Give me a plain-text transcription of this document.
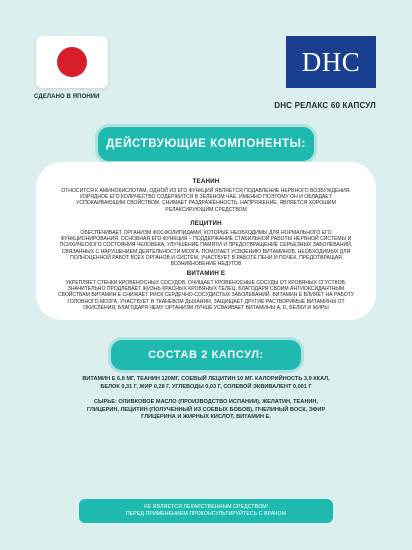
СДЕЛАНО В ЯПОНИИ
DHC
DHC РЕЛАКС 60 КАПСУЛ
ДЕЙСТВУЮЩИЕ КОМПОНЕНТЫ:
ТЕАНИН
ОТНОСИТСЯ К АМИНОКИСЛОТАМ, ОДНОЙ ИЗ ЕГО ФУНКЦИЙ ЯВЛЯЕТСЯ ПОДАВЛЕНИЕ НЕРВНОГО ВОЗБУЖДЕНИЯ. ИЗРЯДНОЕ ЕГО КОЛИЧЕСТВО СОДЕРЖИТСЯ В ЗЕЛЕНОМ ЧАЕ. ИМЕННО ПОЭТОМУ ОН И ОБЛАДАЕТ УСПОКАИВАЮЩИМ СВОЙСТВОМ, СНИМАЕТ РАЗДРАЖЁННОСТЬ, НАПРЯЖЕНИЕ, ЯВЛЯЕТСЯ ХОРОШИМ РЕЛАКСИРУЮЩИМ СРЕДСТВОМ
ЛЕЦИТИН
ОБЕСПЕЧИВАЕТ ОРГАНИЗМ ФОСФОЛИПИДАМИ, КОТОРЫЕ НЕОБХОДИМЫ ДЛЯ НОРМАЛЬНОГО ЕГО ФУНКЦИОНИРОВАНИЯ. ОСНОВНАЯ ЕГО ФУНКЦИЯ – ПОДДЕРЖАНИЕ СТАБИЛЬНОЙ РАБОТЫ НЕРВНОЙ СИСТЕМЫ И ПСИХИЧЕСКОГО СОСТОЯНИЯ ЧЕЛОВЕКА, УЛУЧШЕНИЕ ПАМЯТИ И ПРЕДОТВРАЩЕНИЕ СЕРЬЕЗНЫХ ЗАБОЛЕВАНИЙ, СВЯЗАННЫХ С НАРУШЕНИЕМ ДЕЯТЕЛЬНОСТИ МОЗГА. ПОМОГАЕТ УСВОЕНИЮ ВИТАМИНОВ, НЕОБХОДИМЫХ ДЛЯ ПОЛНОЦЕННОЙ РАБОТ ВСЕХ ОРГАНОВ И СИСТЕМ, УЧАСТВУЕТ В РАБОТЕ ПЕНИ И ПОЧЕК, ПРЕДОТВРАЩАЯ ВОЗНИКНОВЕНИЕ НЕДУГОВ
ВИТАМИН E
УКРЕПЛЯЕТ СТЕНКИ КРОВЕНОСНЫХ СОСУДОВ, ОЧИЩАЕТ КРОВЕНОСНЫЕ СОСУДЫ ОТ КРОВЯНЫХ СГУСТКОВ, ЗНАЧИТЕЛЬНО ПРОДЛЕВАЕТ ЖИЗНЬ КРАСНЫХ КРОВЯНЫХ ТЕЛЕЦ. БЛАГОДАРЯ СВОИМ АНТИОКСИДАНТНЫМ СВОЙСТВАМ ВИТАМИН E СНИЖАЕТ РИСК СЕРДЕЧНО-СОСУДИСТЫХ ЗАБОЛЕВАНИЙ. ВИТАМИН E ВЛИЯЕТ НА РАБОТУ ГОЛОВНОГО МОЗГА, УЧАСТВУЕТ В ТКАНЕВОМ ДЫХАНИИ, ЗАЩИЩАЕТ ДРУГИЕ РАСТВОРИМЫЕ ВИТАМИНЫ ОТ ОКИСЛЕНИЯ, БЛАГОДАРЯ ЧЕМУ ОРГАНИЗМ ЛУЧШЕ УСВАИВАЕТ ВИТАМИНЫ A, D, БЕЛКИ И ЖИРЫ
СОСТАВ 2 КАПСУЛ:
ВИТАМИН E 6,8 МГ, ТЕАНИН 120МГ, СОЕВЫЙ ЛЕЦИТИН 10 МГ. КАЛОРИЙНОСТЬ 3,9 ККАЛ,
БЕЛОК 0,31 Г, ЖИР 0,28 Г, УГЛЕВОДЫ 0,03 Г, СОЛЕВОЙ ЭКВИВАЛЕНТ 0,001 Г
СЫРЬЕ: ОЛИВКОВОЕ МАСЛО (ПРОИЗВОДСТВО ИСПАНИИ), ЖЕЛАТИН, ТЕАНИН,
ГЛИЦЕРИН, ЛЕЦИТИН (ПОЛУЧЕННЫЙ ИЗ СОЕВЫХ БОБОВ), ПЧЕЛИНЫЙ ВОСК, ЭФИР
ГЛИЦЕРИНА И ЖИРНЫХ КИСЛОТ, ВИТАМИН E.
НЕ ЯВЛЯЕТСЯ ЛЕКАРСТВЕННЫМ СРЕДСТВОМ!
ПЕРЕД ПРИМЕНЕНИЕМ ПРОКОНСУЛЬТИРУЙТЕСЬ С ВРАЧОМ
